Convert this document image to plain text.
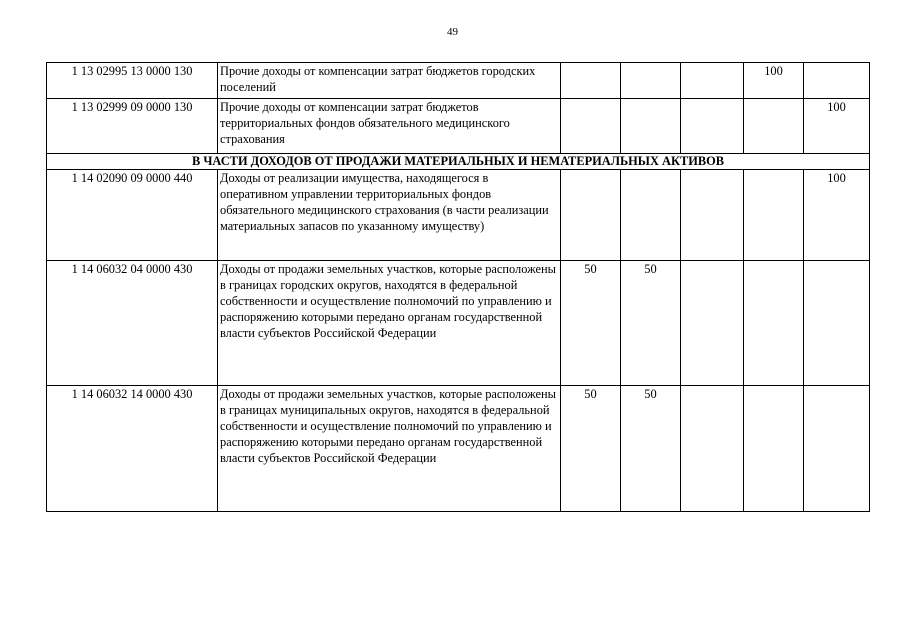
49
1 13 02995 13 0000 130	Прочие доходы от компенсации затрат бюджетов городских поселений				100	
1 13 02999 09 0000 130	Прочие доходы от компенсации затрат бюджетов территориальных фондов обязательного медицинского страхования					100
В ЧАСТИ ДОХОДОВ ОТ ПРОДАЖИ МАТЕРИАЛЬНЫХ И НЕМАТЕРИАЛЬНЫХ АКТИВОВ						
1 14 02090 09 0000 440	Доходы от реализации имущества, находящегося в оперативном управлении территориальных фондов обязательного медицинского страхования (в части реализации материальных запасов по указанному имуществу)					100
1 14 06032 04 0000 430	Доходы от продажи земельных участков, которые расположены в границах городских округов, находятся в федеральной собственности и осуществление полномочий по управлению и распоряжению которыми передано органам государственной власти субъектов Российской Федерации	50	50			
1 14 06032 14 0000 430	Доходы от продажи земельных участков, которые расположены в границах муниципальных округов, находятся в федеральной собственности и осуществление полномочий по управлению и распоряжению которыми передано органам государственной власти субъектов Российской Федерации	50	50			
